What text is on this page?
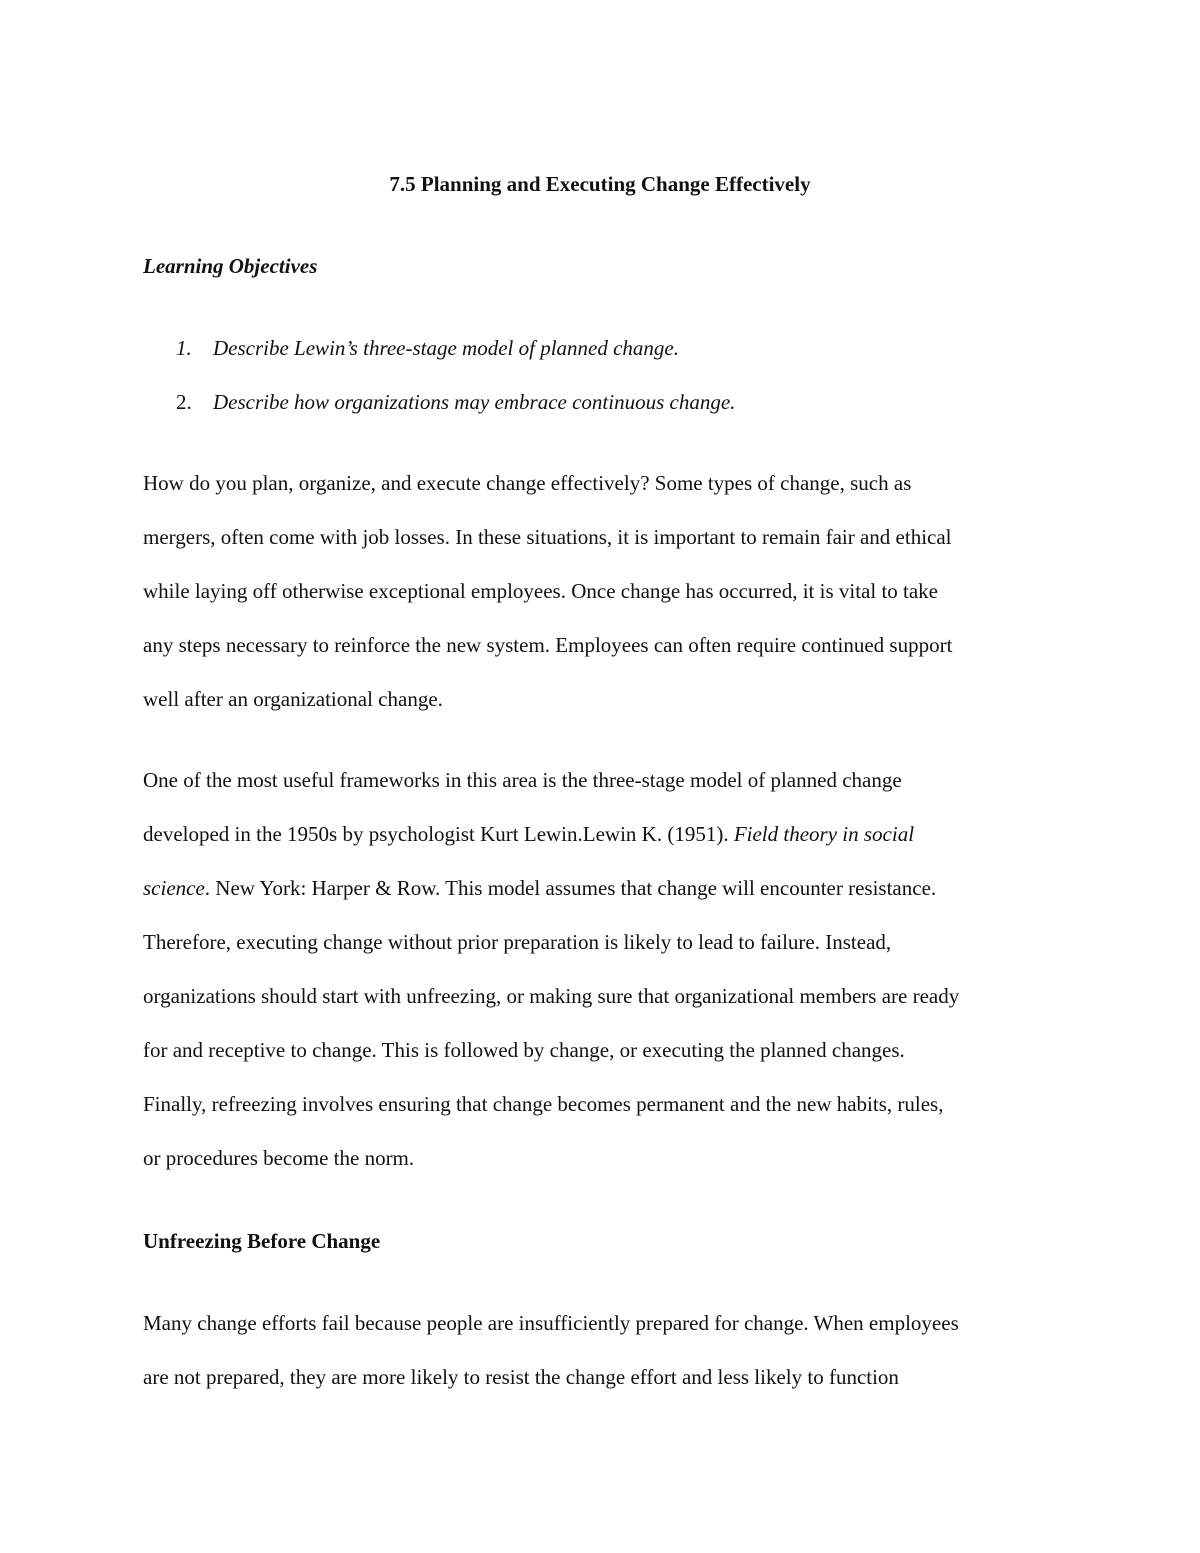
7.5 Planning and Executing Change Effectively
Learning Objectives
1. Describe Lewin’s three-stage model of planned change.
2. Describe how organizations may embrace continuous change.
How do you plan, organize, and execute change effectively? Some types of change, such as
mergers, often come with job losses. In these situations, it is important to remain fair and ethical
while laying off otherwise exceptional employees. Once change has occurred, it is vital to take
any steps necessary to reinforce the new system. Employees can often require continued support
well after an organizational change.
One of the most useful frameworks in this area is the three-stage model of planned change
developed in the 1950s by psychologist Kurt Lewin.Lewin K. (1951). Field theory in social
science. New York: Harper & Row. This model assumes that change will encounter resistance.
Therefore, executing change without prior preparation is likely to lead to failure. Instead,
organizations should start with unfreezing, or making sure that organizational members are ready
for and receptive to change. This is followed by change, or executing the planned changes.
Finally, refreezing involves ensuring that change becomes permanent and the new habits, rules,
or procedures become the norm.
Unfreezing Before Change
Many change efforts fail because people are insufficiently prepared for change. When employees
are not prepared, they are more likely to resist the change effort and less likely to function
